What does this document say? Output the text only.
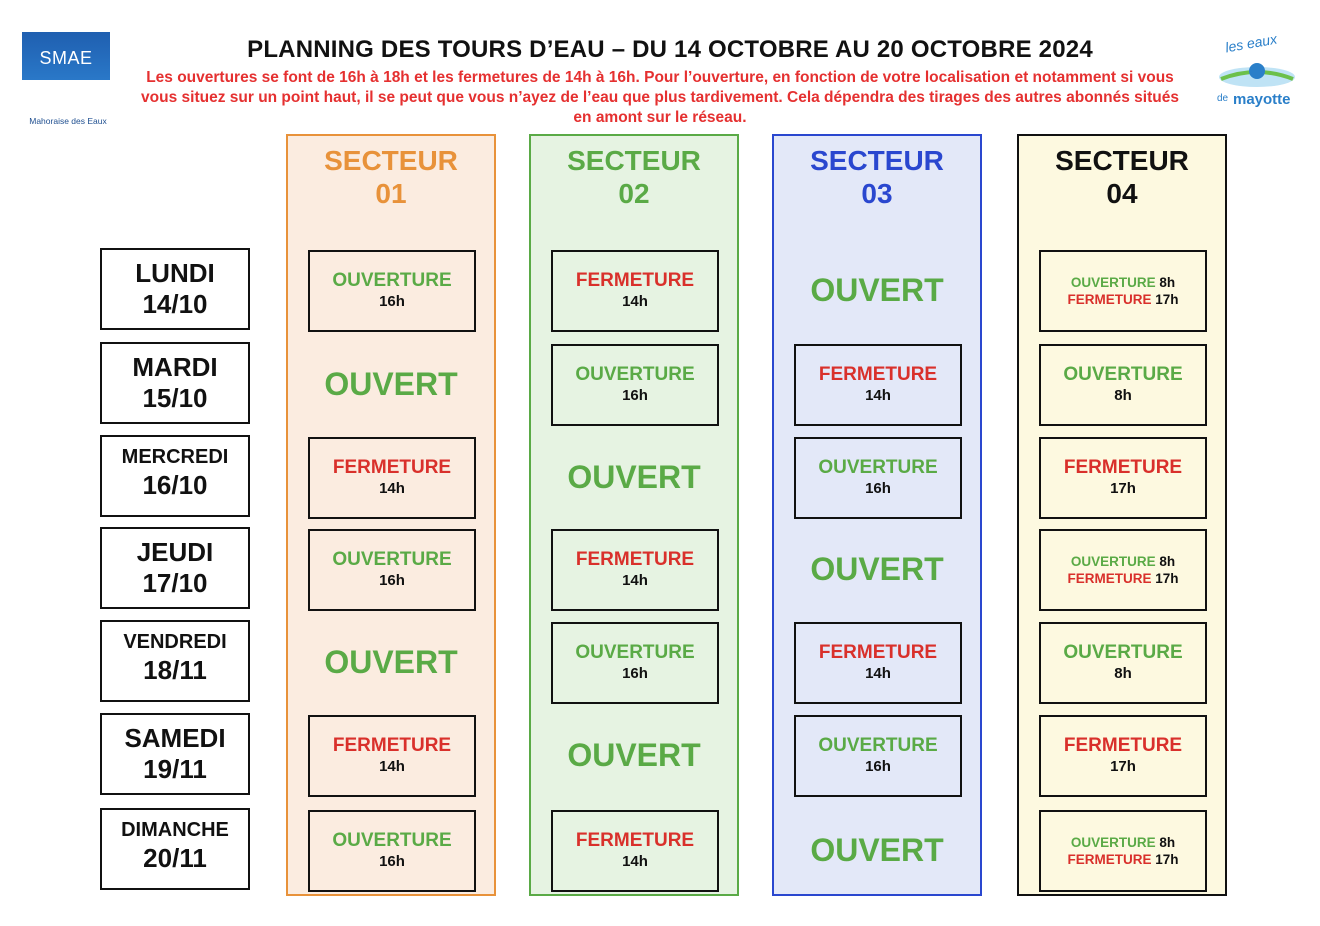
SMAE
Mahoraise des Eaux
PLANNING DES TOURS D’EAU – DU 14 OCTOBRE AU 20 OCTOBRE 2024
Les ouvertures se font de 16h à 18h et les fermetures de 14h à 16h. Pour l’ouverture, en fonction de votre localisation et notamment si vous vous situez sur un point haut, il se peut que vous n’ayez de l’eau que plus tardivement. Cela dépendra des tirages des autres abonnés situés en amont sur le réseau.
les eaux
de mayotte
LUNDI
14/10
MARDI
15/10
MERCREDI
16/10
JEUDI
17/10
VENDREDI
18/11
SAMEDI
19/11
DIMANCHE
20/11
SECTEUR
01
OUVERTURE
16h
OUVERT
FERMETURE
14h
OUVERTURE
16h
OUVERT
FERMETURE
14h
OUVERTURE
16h
SECTEUR
02
FERMETURE
14h
OUVERTURE
16h
OUVERT
FERMETURE
14h
OUVERTURE
16h
OUVERT
FERMETURE
14h
SECTEUR
03
OUVERT
FERMETURE
14h
OUVERTURE
16h
OUVERT
FERMETURE
14h
OUVERTURE
16h
OUVERT
SECTEUR
04
OUVERTURE 8h
FERMETURE 17h
OUVERTURE
8h
FERMETURE
17h
OUVERTURE 8h
FERMETURE 17h
OUVERTURE
8h
FERMETURE
17h
OUVERTURE 8h
FERMETURE 17h
